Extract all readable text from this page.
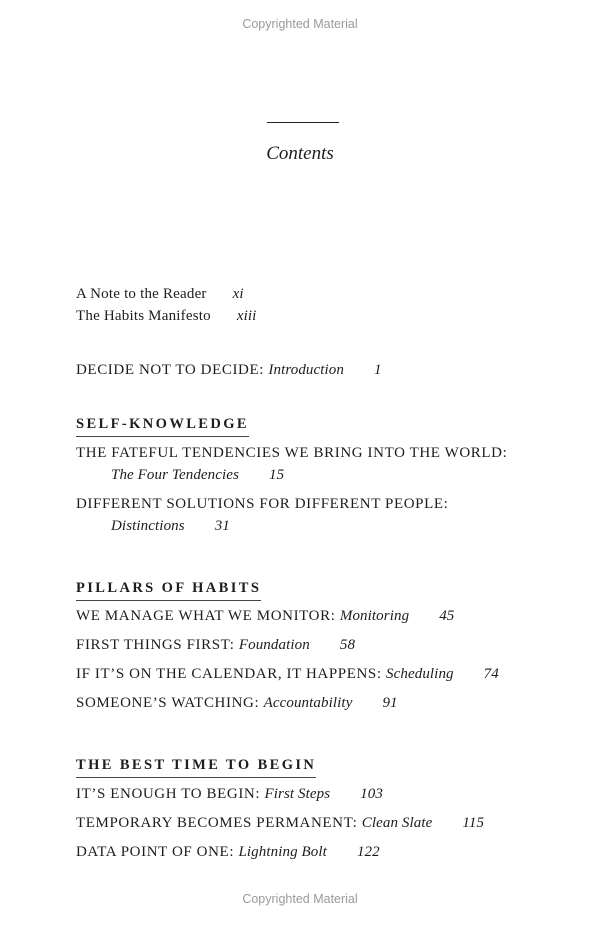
Copyrighted Material
Contents
A Note to the Reader xi
The Habits Manifesto xiii
DECIDE NOT TO DECIDE: Introduction 1
SELF-KNOWLEDGE
THE FATEFUL TENDENCIES WE BRING INTO THE WORLD:
The Four Tendencies 15
DIFFERENT SOLUTIONS FOR DIFFERENT PEOPLE:
Distinctions 31
PILLARS OF HABITS
WE MANAGE WHAT WE MONITOR: Monitoring 45
FIRST THINGS FIRST: Foundation 58
IF IT’S ON THE CALENDAR, IT HAPPENS: Scheduling 74
SOMEONE’S WATCHING: Accountability 91
THE BEST TIME TO BEGIN
IT’S ENOUGH TO BEGIN: First Steps 103
TEMPORARY BECOMES PERMANENT: Clean Slate 115
DATA POINT OF ONE: Lightning Bolt 122
Copyrighted Material
